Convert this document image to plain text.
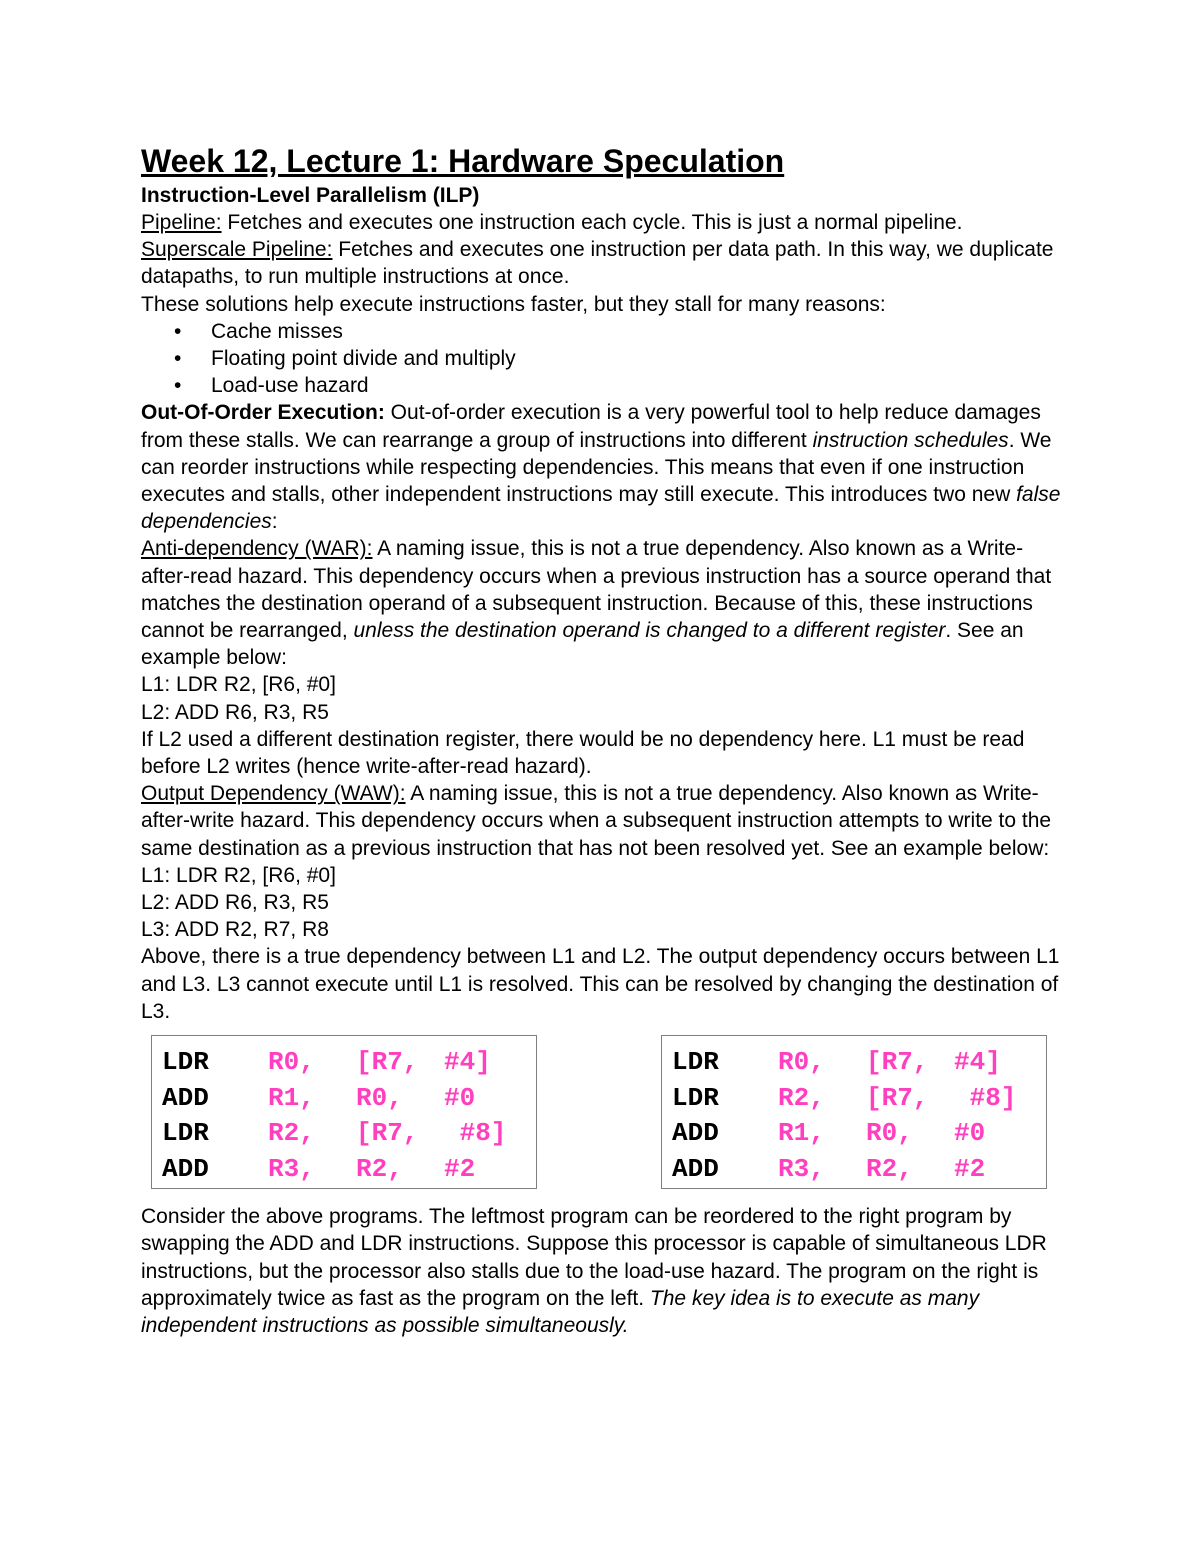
Week 12, Lecture 1: Hardware Speculation
Instruction-Level Parallelism (ILP)

Pipeline: Fetches and executes one instruction each cycle. This is just a normal pipeline.

Superscale Pipeline: Fetches and executes one instruction per data path. In this way, we duplicate datapaths, to run multiple instructions at once.

These solutions help execute instructions faster, but they stall for many reasons:

• Cache misses
• Floating point divide and multiply
• Load-use hazard

Out-Of-Order Execution: Out-of-order execution is a very powerful tool to help reduce damages from these stalls. We can rearrange a group of instructions into different instruction schedules. We can reorder instructions while respecting dependencies. This means that even if one instruction executes and stalls, other independent instructions may still execute. This introduces two new false dependencies:

Anti-dependency (WAR): A naming issue, this is not a true dependency. Also known as a Write-after-read hazard. This dependency occurs when a previous instruction has a source operand that matches the destination operand of a subsequent instruction. Because of this, these instructions cannot be rearranged, unless the destination operand is changed to a different register. See an example below:

L1: LDR R2, [R6, #0]

L2: ADD R6, R3, R5

If L2 used a different destination register, there would be no dependency here. L1 must be read before L2 writes (hence write-after-read hazard).

Output Dependency (WAW): A naming issue, this is not a true dependency. Also known as Write-after-write hazard. This dependency occurs when a subsequent instruction attempts to write to the same destination as a previous instruction that has not been resolved yet. See an example below:

L1: LDR R2, [R6, #0]

L2: ADD R6, R3, R5

L3: ADD R2, R7, R8

Above, there is a true dependency between L1 and L2. The output dependency occurs between L1 and L3. L3 cannot execute until L1 is resolved. This can be resolved by changing the destination of L3.

LDR R0, [R7, #4]
ADD R1, R0, #0
LDR R2, [R7, #8]
ADD R3, R2, #2
LDR R0, [R7, #4]
LDR R2, [R7, #8]
ADD R1, R0, #0
ADD R3, R2, #2

Consider the above programs. The leftmost program can be reordered to the right program by swapping the ADD and LDR instructions. Suppose this processor is capable of simultaneous LDR instructions, but the processor also stalls due to the load-use hazard. The program on the right is approximately twice as fast as the program on the left. The key idea is to execute as many independent instructions as possible simultaneously.
